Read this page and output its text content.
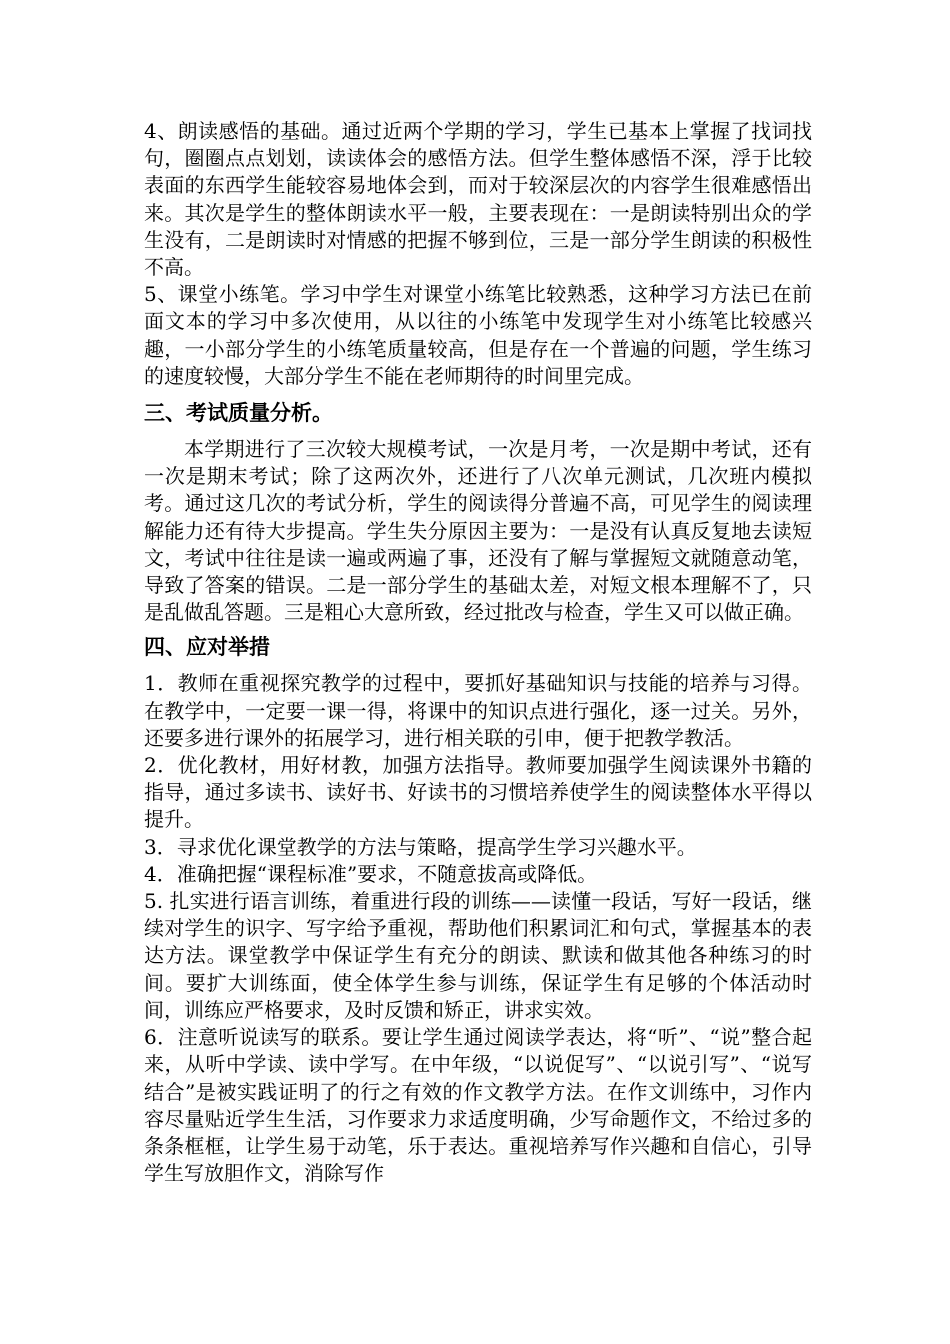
4、朗读感悟的基础。通过近两个学期的学习，学生已基本上掌握了找词找句，圈圈点点划划，读读体会的感悟方法。但学生整体感悟不深，浮于比较表面的东西学生能较容易地体会到，而对于较深层次的内容学生很难感悟出来。其次是学生的整体朗读水平一般，主要表现在：一是朗读特别出众的学生没有，二是朗读时对情感的把握不够到位，三是一部分学生朗读的积极性不高。

5、课堂小练笔。学习中学生对课堂小练笔比较熟悉，这种学习方法已在前面文本的学习中多次使用，从以往的小练笔中发现学生对小练笔比较感兴趣，一小部分学生的小练笔质量较高，但是存在一个普遍的问题，学生练习的速度较慢，大部分学生不能在老师期待的时间里完成。

三、考试质量分析。

本学期进行了三次较大规模考试，一次是月考，一次是期中考试，还有一次是期末考试；除了这两次外，还进行了八次单元测试，几次班内模拟考。通过这几次的考试分析，学生的阅读得分普遍不高，可见学生的阅读理解能力还有待大步提高。学生失分原因主要为：一是没有认真反复地去读短文，考试中往往是读一遍或两遍了事，还没有了解与掌握短文就随意动笔，导致了答案的错误。二是一部分学生的基础太差，对短文根本理解不了，只是乱做乱答题。三是粗心大意所致，经过批改与检查，学生又可以做正确。

四、应对举措

1．教师在重视探究教学的过程中，要抓好基础知识与技能的培养与习得。在教学中，一定要一课一得，将课中的知识点进行强化，逐一过关。另外，还要多进行课外的拓展学习，进行相关联的引申，便于把教学教活。

2．优化教材，用好材教，加强方法指导。教师要加强学生阅读课外书籍的指导，通过多读书、读好书、好读书的习惯培养使学生的阅读整体水平得以提升。

3．寻求优化课堂教学的方法与策略，提高学生学习兴趣水平。

4．准确把握“课程标准”要求，不随意拔高或降低。

5. 扎实进行语言训练，着重进行段的训练——读懂一段话，写好一段话，继续对学生的识字、写字给予重视，帮助他们积累词汇和句式，掌握基本的表达方法。课堂教学中保证学生有充分的朗读、默读和做其他各种练习的时间。要扩大训练面，使全体学生参与训练，保证学生有足够的个体活动时间，训练应严格要求，及时反馈和矫正，讲求实效。

6．注意听说读写的联系。要让学生通过阅读学表达，将“听”、“说”整合起来，从听中学读、读中学写。在中年级，“以说促写”、“以说引写”、“说写结合”是被实践证明了的行之有效的作文教学方法。在作文训练中，习作内容尽量贴近学生生活，习作要求力求适度明确，少写命题作文，不给过多的条条框框，让学生易于动笔，乐于表达。重视培养写作兴趣和自信心，引导学生写放胆作文，消除写作
